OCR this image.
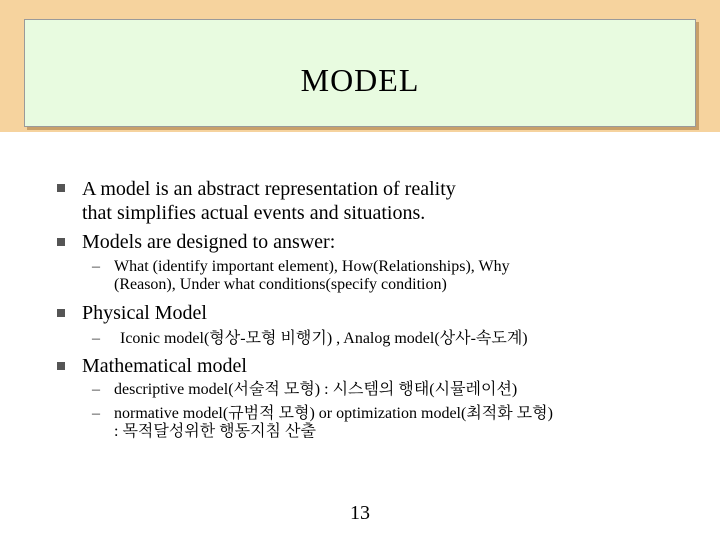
MODEL
A model is an abstract representation of reality
that simplifies actual events and situations.
Models are designed to answer:
– What (identify important element), How(Relationships), Why
(Reason), Under what conditions(specify condition)
Physical Model
– Iconic model(형상-모형 비행기) , Analog model(상사-속도계)
Mathematical model
– descriptive model(서술적 모형) : 시스템의 행태(시뮬레이션)
– normative model(규범적 모형) or optimization model(최적화 모형)
: 목적달성위한 행동지침 산출
13
